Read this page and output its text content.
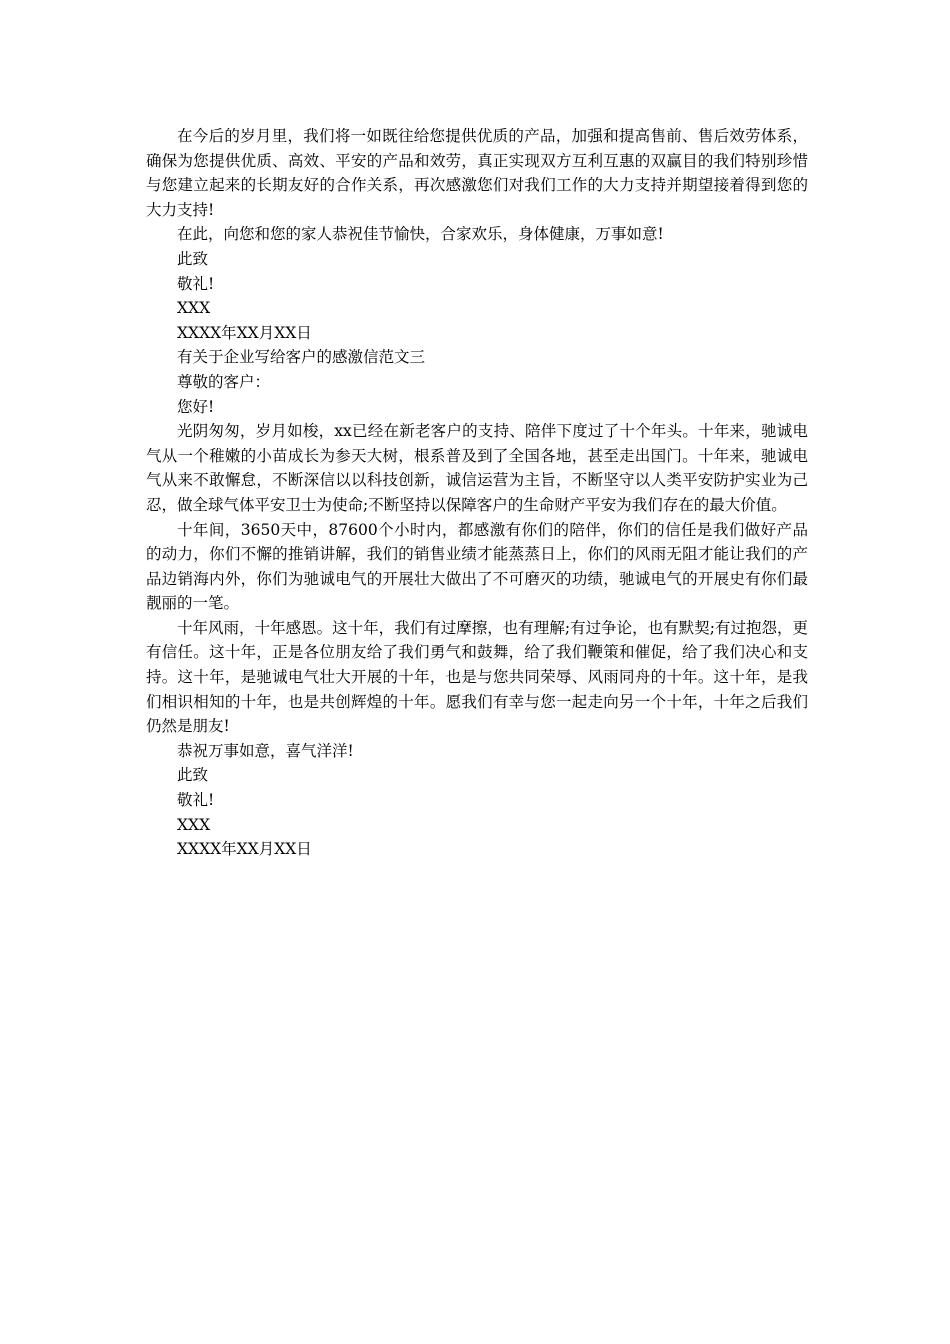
在今后的岁月里，我们将一如既往给您提供优质的产品，加强和提高售前、售后效劳体系，确保为您提供优质、高效、平安的产品和效劳，真正实现双方互利互惠的双赢目的我们特别珍惜与您建立起来的长期友好的合作关系，再次感激您们对我们工作的大力支持并期望接着得到您的大力支持!

在此，向您和您的家人恭祝佳节愉快，合家欢乐，身体健康，万事如意!

此致

敬礼!

XXX

XXXX年XX月XX日

有关于企业写给客户的感激信范文三

尊敬的客户：

您好!

光阴匆匆，岁月如梭，xx已经在新老客户的支持、陪伴下度过了十个年头。十年来，驰诚电气从一个稚嫩的小苗成长为参天大树，根系普及到了全国各地，甚至走出国门。十年来，驰诚电气从来不敢懈怠，不断深信以以科技创新，诚信运营为主旨，不断坚守以人类平安防护实业为己忍，做全球气体平安卫士为使命;不断坚持以保障客户的生命财产平安为我们存在的最大价值。

十年间，3650天中，87600个小时内，都感激有你们的陪伴，你们的信任是我们做好产品的动力，你们不懈的推销讲解，我们的销售业绩才能蒸蒸日上，你们的风雨无阻才能让我们的产品边销海内外，你们为驰诚电气的开展壮大做出了不可磨灭的功绩，驰诚电气的开展史有你们最靓丽的一笔。

十年风雨，十年感恩。这十年，我们有过摩擦，也有理解;有过争论，也有默契;有过抱怨，更有信任。这十年，正是各位朋友给了我们勇气和鼓舞，给了我们鞭策和催促，给了我们决心和支持。这十年，是驰诚电气壮大开展的十年，也是与您共同荣辱、风雨同舟的十年。这十年，是我们相识相知的十年，也是共创辉煌的十年。愿我们有幸与您一起走向另一个十年，十年之后我们仍然是朋友!

恭祝万事如意，喜气洋洋!

此致

敬礼!

XXX

XXXX年XX月XX日
